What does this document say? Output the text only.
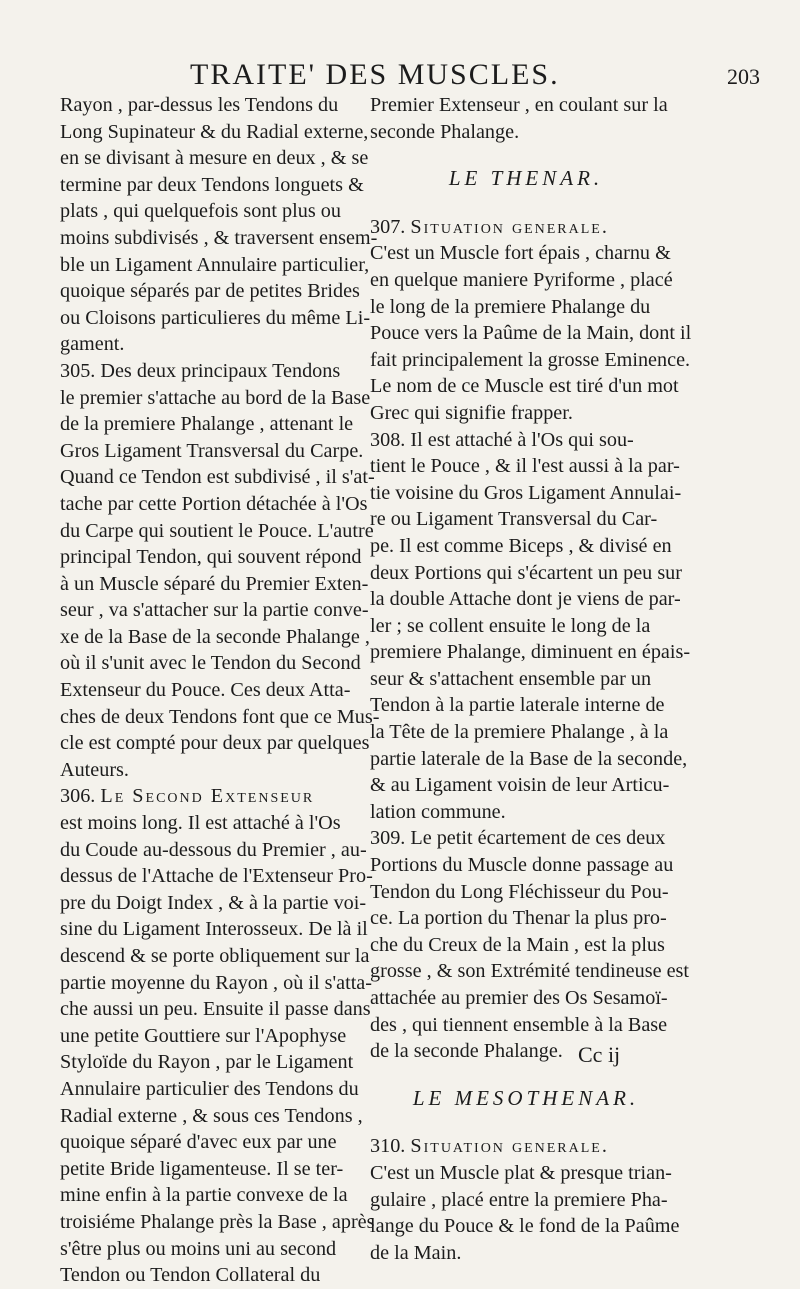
TRAITE' DES MUSCLES.	203

Rayon , par-dessus les Tendons du
Long Supinateur & du Radial externe,
en se divisant à mesure en deux , & se
termine par deux Tendons longuets &
plats , qui quelquefois sont plus ou
moins subdivisés , & traversent ensem-
ble un Ligament Annulaire particulier,
quoique séparés par de petites Brides
ou Cloisons particulieres du même Li-
gament.

305. Des deux principaux Tendons
le premier s'attache au bord de la Base
de la premiere Phalange , attenant le
Gros Ligament Transversal du Carpe.
Quand ce Tendon est subdivisé , il s'at-
tache par cette Portion détachée à l'Os
du Carpe qui soutient le Pouce. L'autre
principal Tendon, qui souvent répond
à un Muscle séparé du Premier Exten-
seur , va s'attacher sur la partie conve-
xe de la Base de la seconde Phalange ,
où il s'unit avec le Tendon du Second
Extenseur du Pouce. Ces deux Atta-
ches de deux Tendons font que ce Mus-
cle est compté pour deux par quelques
Auteurs.

306. Le Second Extenseur
est moins long. Il est attaché à l'Os
du Coude au-dessous du Premier , au-
dessus de l'Attache de l'Extenseur Pro-
pre du Doigt Index , & à la partie voi-
sine du Ligament Interosseux. De là il
descend & se porte obliquement sur la
partie moyenne du Rayon , où il s'atta-
che aussi un peu. Ensuite il passe dans
une petite Gouttiere sur l'Apophyse
Styloïde du Rayon , par le Ligament
Annulaire particulier des Tendons du
Radial externe , & sous ces Tendons ,
quoique séparé d'avec eux par une
petite Bride ligamenteuse. Il se ter-
mine enfin à la partie convexe de la
troisiéme Phalange près la Base , après
s'être plus ou moins uni au second
Tendon ou Tendon Collateral du

Premier Extenseur , en coulant sur la
seconde Phalange.

LE THENAR.

307. Situation generale.
C'est un Muscle fort épais , charnu &
en quelque maniere Pyriforme , placé
le long de la premiere Phalange du
Pouce vers la Paûme de la Main, dont il
fait principalement la grosse Eminence.
Le nom de ce Muscle est tiré d'un mot
Grec qui signifie frapper.

308. Il est attaché à l'Os qui sou-
tient le Pouce , & il l'est aussi à la par-
tie voisine du Gros Ligament Annulai-
re ou Ligament Transversal du Car-
pe. Il est comme Biceps , & divisé en
deux Portions qui s'écartent un peu sur
la double Attache dont je viens de par-
ler ; se collent ensuite le long de la
premiere Phalange, diminuent en épais-
seur & s'attachent ensemble par un
Tendon à la partie laterale interne de
la Tête de la premiere Phalange , à la
partie laterale de la Base de la seconde,
& au Ligament voisin de leur Articu-
lation commune.

309. Le petit écartement de ces deux
Portions du Muscle donne passage au
Tendon du Long Fléchisseur du Pou-
ce. La portion du Thenar la plus pro-
che du Creux de la Main , est la plus
grosse , & son Extrémité tendineuse est
attachée au premier des Os Sesamoï-
des , qui tiennent ensemble à la Base
de la seconde Phalange.

LE MESOTHENAR.

310. Situation generale.
C'est un Muscle plat & presque trian-
gulaire , placé entre la premiere Pha-
lange du Pouce & le fond de la Paûme
de la Main.

Cc ij
